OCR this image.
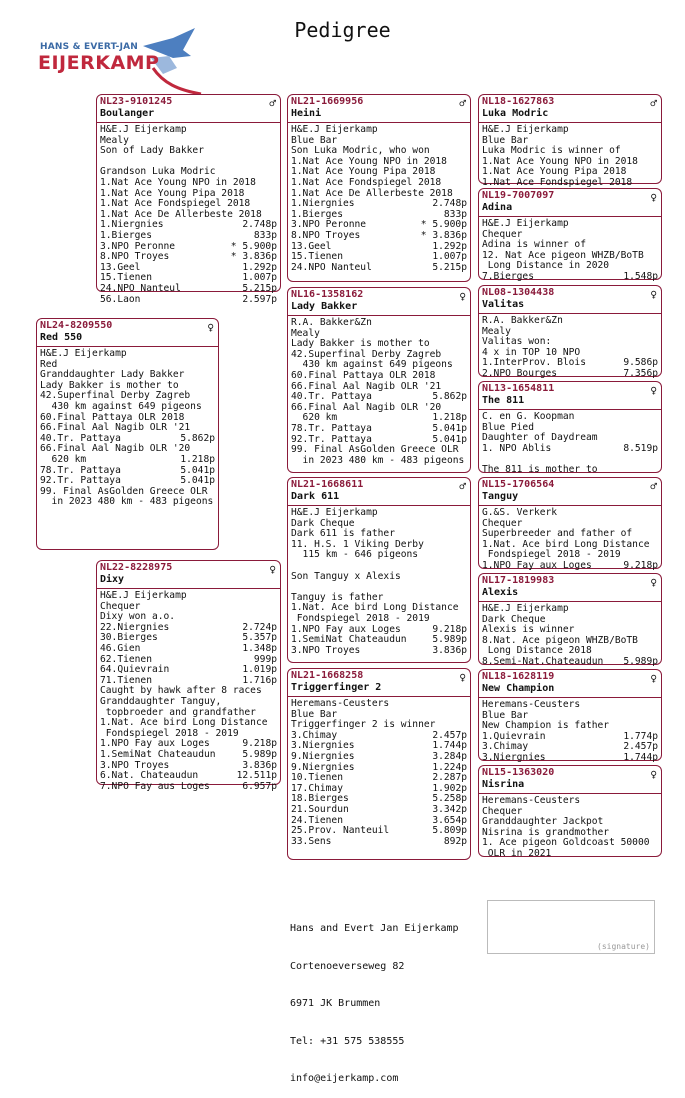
Pedigree
HANS & EVERT-JAN
EIJERKAMP
NL23-9101245
Boulanger
♂
H&E.J Eijerkamp
Mealy
Son of Lady Bakker

Grandson Luka Modric
1.Nat Ace Young NPO in 2018
1.Nat Ace Young Pipa 2018
1.Nat Ace Fondspiegel 2018
1.Nat Ace De Allerbeste 2018
1.Niergnies	2.748p
1.Bierges	833p
3.NPO Peronne	* 5.900p
8.NPO Troyes	* 3.836p
13.Geel	1.292p
15.Tienen	1.007p
24.NPO Nanteul	5.215p
56.Laon	2.597p
NL24-8209550
Red 550
♀
H&E.J Eijerkamp
Red
Granddaughter Lady Bakker
Lady Bakker is mother to
42.Superfinal Derby Zagreb
430 km against 649 pigeons
60.Final Pattaya OLR 2018
66.Final Aal Nagib OLR '21
40.Tr. Pattaya	5.862p
66.Final Aal Nagib OLR '20

620 km	1.218p
78.Tr. Pattaya	5.041p
92.Tr. Pattaya	5.041p
99. Final AsGolden Greece OLR
in 2023 480 km - 483 pigeons
NL22-8228975
Dixy
♀
H&E.J Eijerkamp
Chequer
Dixy won a.o.
22.Niergnies	2.724p
30.Bierges	5.357p
46.Gien	1.348p
62.Tienen	999p
64.Quievrain	1.019p
71.Tienen	1.716p
Caught by hawk after 8 races
Granddaughter Tanguy,
topbroeder and grandfather
1.Nat. Ace bird Long Distance
Fondspiegel 2018 - 2019
1.NPO Fay aux Loges	9.218p
1.SemiNat Chateaudun	5.989p
3.NPO Troyes	3.836p
6.Nat. Chateaudun	12.511p
7.NPO Fay aus Loges	6.957p
NL21-1669956
Heini
♂
H&E.J Eijerkamp
Blue Bar
Son Luka Modric, who won
1.Nat Ace Young NPO in 2018
1.Nat Ace Young Pipa 2018
1.Nat Ace Fondspiegel 2018
1.Nat Ace De Allerbeste 2018
1.Niergnies	2.748p
1.Bierges	833p
3.NPO Peronne	* 5.900p
8.NPO Troyes	* 3.836p
13.Geel	1.292p
15.Tienen	1.007p
24.NPO Nanteul	5.215p
NL16-1358162
Lady Bakker
♀
R.A. Bakker&Zn
Mealy
Lady Bakker is mother to
42.Superfinal Derby Zagreb
430 km against 649 pigeons
60.Final Pattaya OLR 2018
66.Final Aal Nagib OLR '21
40.Tr. Pattaya	5.862p
66.Final Aal Nagib OLR '20

620 km	1.218p
78.Tr. Pattaya	5.041p
92.Tr. Pattaya	5.041p
99. Final AsGolden Greece OLR
in 2023 480 km - 483 pigeons
NL21-1668611
Dark 611
♂
H&E.J Eijerkamp
Dark Cheque
Dark 611 is father
11. H.S. 1 Viking Derby
115 km - 646 pigeons

Son Tanguy x Alexis

Tanguy is father
1.Nat. Ace bird Long Distance
Fondspiegel 2018 - 2019
1.NPO Fay aux Loges	9.218p
1.SemiNat Chateaudun	5.989p
3.NPO Troyes	3.836p
NL21-1668258
Triggerfinger 2
♀
Heremans-Ceusters
Blue Bar
Triggerfinger 2 is winner
3.Chimay	2.457p
3.Niergnies	1.744p
9.Niergnies	3.284p
9.Niergnies	1.224p
10.Tienen	2.287p
17.Chimay	1.902p
18.Bierges	5.258p
21.Sourdun	3.342p
24.Tienen	3.654p
25.Prov. Nanteuil	5.809p
33.Sens	892p
NL18-1627863
Luka Modric
♂
H&E.J Eijerkamp
Blue Bar
Luka Modric is winner of
1.Nat Ace Young NPO in 2018
1.Nat Ace Young Pipa 2018
1.Nat Ace Fondspiegel 2018
NL19-7007097
Adina
♀
H&E.J Eijerkamp
Chequer
Adina is winner of
12. Nat Ace pigeon WHZB/BoTB
Long Distance in 2020
7.Bierges	1.548p
NL08-1304438
Valitas
♀
R.A. Bakker&Zn
Mealy
Valitas won:
4 x in TOP 10 NPO
1.InterProv. Blois	9.586p
2.NPO Bourges	7.356p
NL13-1654811
The 811
♀
C. en G. Koopman
Blue Pied
Daughter of Daydream
1. NPO Ablis	8.519p

The 811 is mother to
NL15-1706564
Tanguy
♂
G.&S. Verkerk
Chequer
Superbreeder and father of
1.Nat. Ace bird Long Distance
Fondspiegel 2018 - 2019
1.NPO Fay aux Loges	9.218p
NL17-1819983
Alexis
♀
H&E.J Eijerkamp
Dark Cheque
Alexis is winner
8.Nat. Ace pigeon WHZB/BoTB
Long Distance 2018
8.Semi-Nat.Chateaudun 5.989p
NL18-1628119
New Champion
♀
Heremans-Ceusters
Blue Bar
New Champion is father
1.Quievrain	1.774p
3.Chimay	2.457p
3.Niergnies	1.744p
NL15-1363020
Nisrina
♀
Heremans-Ceusters
Chequer
Granddaughter Jackpot
Nisrina is grandmother
1. Ace pigeon Goldcoast 50000
OLR in 2021

Hans and Evert Jan Eijerkamp

Cortenoeverseweg 82

6971 JK Brummen

Tel: +31 575 538555

info@eijerkamp.com

(signature)
